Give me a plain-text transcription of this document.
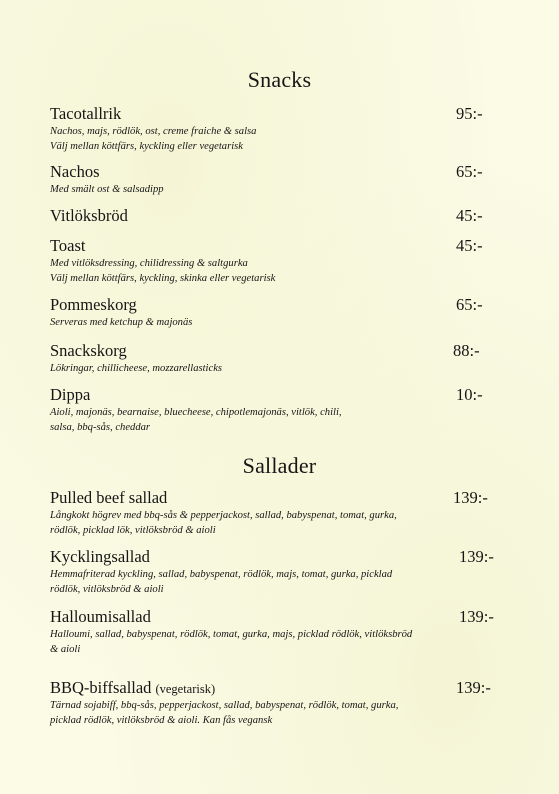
Snacks
Tacotallrik	95:-
Nachos, majs, rödlök, ost, creme fraiche & salsa
Välj mellan köttfärs, kyckling eller vegetarisk
Nachos	65:-
Med smält ost & salsadipp
Vitlöksbröd	45:-
Toast	45:-
Med vitlöksdressing, chilidressing & saltgurka
Välj mellan köttfärs, kyckling, skinka eller vegetarisk
Pommeskorg	65:-
Serveras med ketchup & majonäs
Snackskorg	88:-
Lökringar, chillicheese, mozzarellasticks
Dippa	10:-
Aioli, majonäs, bearnaise, bluecheese, chipotlemajonäs, vitlök, chili,
salsa, bbq-sås, cheddar
Sallader
Pulled beef sallad	139:-
Långkokt högrev med bbq-sås & pepperjackost, sallad, babyspenat, tomat, gurka,
rödlök, picklad lök, vitlöksbröd & aioli
Kycklingsallad	139:-
Hemmafriterad kyckling, sallad, babyspenat, rödlök, majs, tomat, gurka, picklad
rödlök, vitlöksbröd & aioli
Halloumisallad	139:-
Halloumi, sallad, babyspenat, rödlök, tomat, gurka, majs, picklad rödlök, vitlöksbröd
& aioli
BBQ-biffsallad (vegetarisk)	139:-
Tärnad sojabiff, bbq-sås, pepperjackost, sallad, babyspenat, rödlök, tomat, gurka,
picklad rödlök, vitlöksbröd & aioli. Kan fås vegansk
